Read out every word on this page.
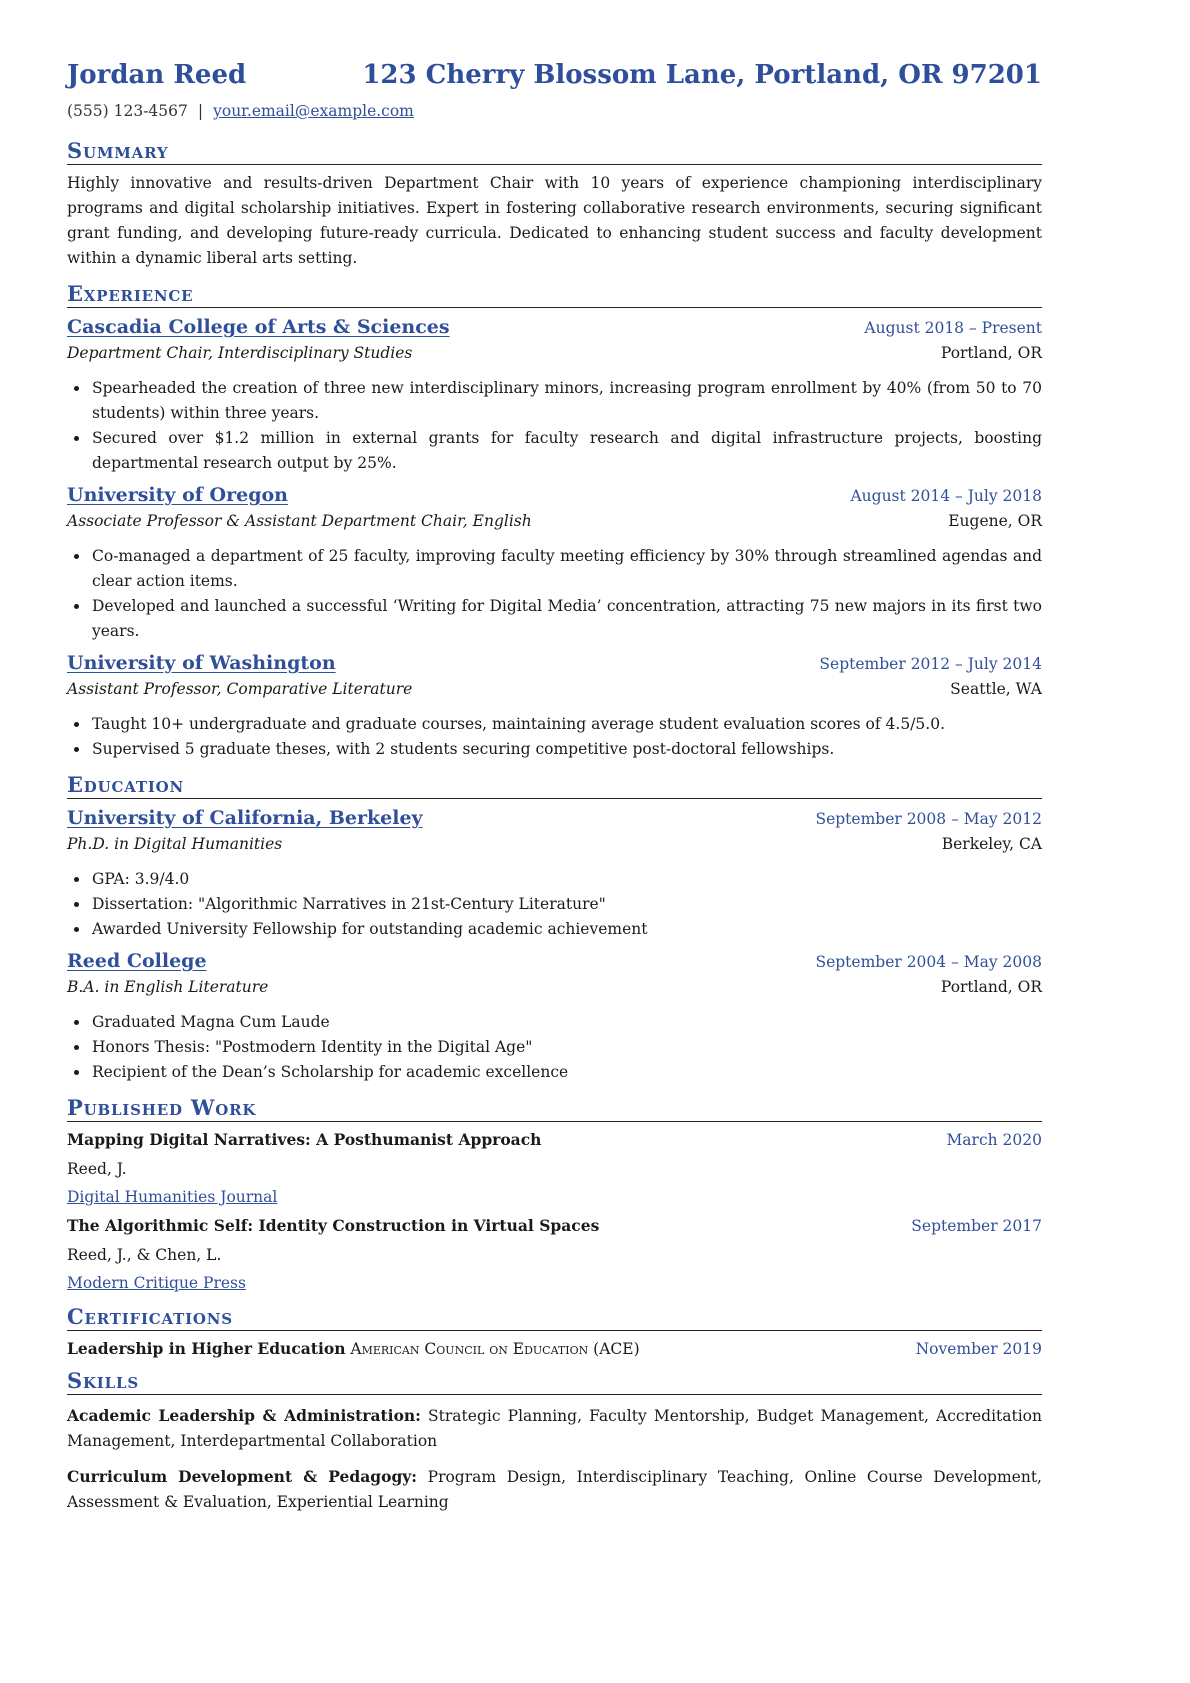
Jordan Reed	123 Cherry Blossom Lane, Portland, OR 97201
(555) 123-4567 | your.email@example.com
Summary
Highly innovative and results-driven Department Chair with 10 years of experience championing interdisciplinary programs and digital scholarship initiatives. Expert in fostering collaborative research environments, securing significant grant funding, and developing future-ready curricula. Dedicated to enhancing student success and faculty development within a dynamic liberal arts setting.
Experience
Cascadia College of Arts & Sciences	August 2018 – Present
Department Chair, Interdisciplinary Studies	Portland, OR
• Spearheaded the creation of three new interdisciplinary minors, increasing program enrollment by 40% (from 50 to 70 students) within three years.
• Secured over $1.2 million in external grants for faculty research and digital infrastructure projects, boosting departmental research output by 25%.
University of Oregon	August 2014 – July 2018
Associate Professor & Assistant Department Chair, English	Eugene, OR
• Co-managed a department of 25 faculty, improving faculty meeting efficiency by 30% through streamlined agendas and clear action items.
• Developed and launched a successful ‘Writing for Digital Media’ concentration, attracting 75 new majors in its first two years.
University of Washington	September 2012 – July 2014
Assistant Professor, Comparative Literature	Seattle, WA
• Taught 10+ undergraduate and graduate courses, maintaining average student evaluation scores of 4.5/5.0.
• Supervised 5 graduate theses, with 2 students securing competitive post-doctoral fellowships.
Education
University of California, Berkeley	September 2008 – May 2012
Ph.D. in Digital Humanities	Berkeley, CA
• GPA: 3.9/4.0
• Dissertation: "Algorithmic Narratives in 21st-Century Literature"
• Awarded University Fellowship for outstanding academic achievement
Reed College	September 2004 – May 2008
B.A. in English Literature	Portland, OR
• Graduated Magna Cum Laude
• Honors Thesis: "Postmodern Identity in the Digital Age"
• Recipient of the Dean’s Scholarship for academic excellence
Published Work
Mapping Digital Narratives: A Posthumanist Approach	March 2020
Reed, J.
Digital Humanities Journal
The Algorithmic Self: Identity Construction in Virtual Spaces	September 2017
Reed, J., & Chen, L.
Modern Critique Press
Certifications
Leadership in Higher Education American Council on Education (ACE)	November 2019
Skills
Academic Leadership & Administration: Strategic Planning, Faculty Mentorship, Budget Management, Accreditation Management, Interdepartmental Collaboration
Curriculum Development & Pedagogy: Program Design, Interdisciplinary Teaching, Online Course Development, Assessment & Evaluation, Experiential Learning
